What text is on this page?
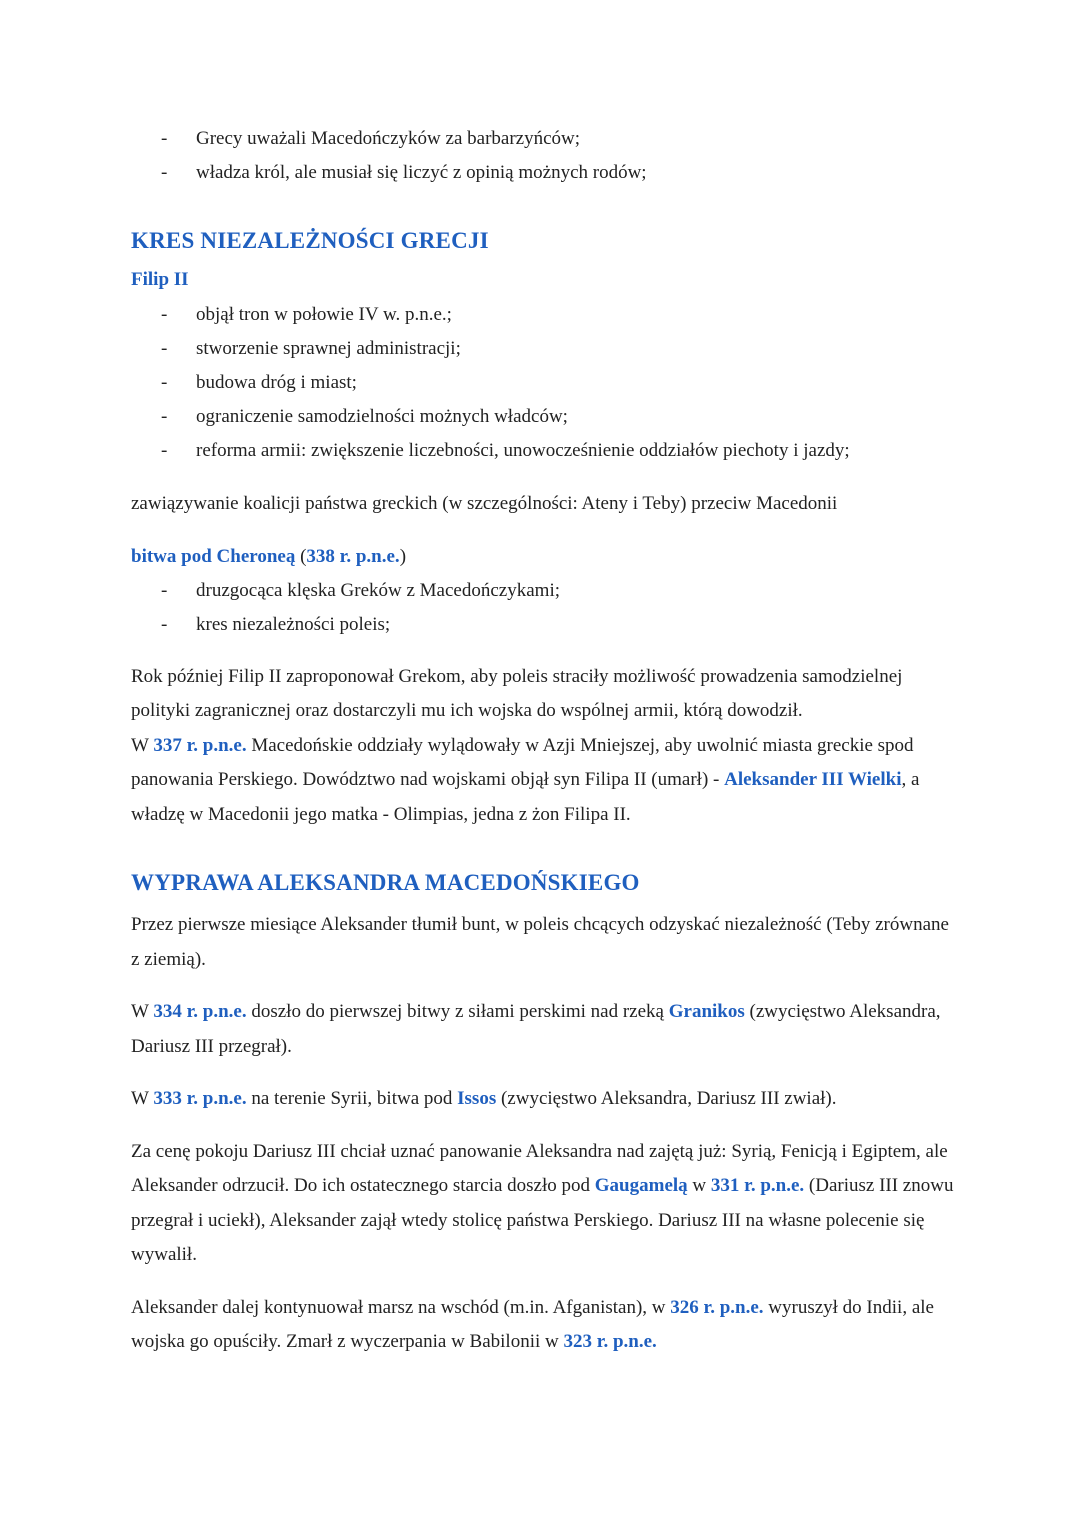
- Grecy uważali Macedończyków za barbarzyńców;
- władza król, ale musiał się liczyć z opinią możnych rodów;
KRES NIEZALEŻNOŚCI GRECJI
Filip II
- objął tron w połowie IV w. p.n.e.;
- stworzenie sprawnej administracji;
- budowa dróg i miast;
- ograniczenie samodzielności możnych władców;
- reforma armii: zwiększenie liczebności, unowocześnienie oddziałów piechoty i jazdy;

zawiązywanie koalicji państwa greckich (w szczególności: Ateny i Teby) przeciw Macedonii

bitwa pod Cheroneą (338 r. p.n.e.)
- druzgocąca klęska Greków z Macedończykami;
- kres niezależności poleis;

Rok później Filip II zaproponował Grekom, aby poleis straciły możliwość prowadzenia samodzielnej polityki zagranicznej oraz dostarczyli mu ich wojska do wspólnej armii, którą dowodził.
W 337 r. p.n.e. Macedońskie oddziały wylądowały w Azji Mniejszej, aby uwolnić miasta greckie spod panowania Perskiego. Dowództwo nad wojskami objął syn Filipa II (umarł) - Aleksander III Wielki, a władzę w Macedonii jego matka - Olimpias, jedna z żon Filipa II.

WYPRAWA ALEKSANDRA MACEDOŃSKIEGO

Przez pierwsze miesiące Aleksander tłumił bunt, w poleis chcących odzyskać niezależność (Teby zrównane z ziemią).

W 334 r. p.n.e. doszło do pierwszej bitwy z siłami perskimi nad rzeką Granikos (zwycięstwo Aleksandra, Dariusz III przegrał).

W 333 r. p.n.e. na terenie Syrii, bitwa pod Issos (zwycięstwo Aleksandra, Dariusz III zwiał).

Za cenę pokoju Dariusz III chciał uznać panowanie Aleksandra nad zajętą już: Syrią, Fenicją i Egiptem, ale Aleksander odrzucił. Do ich ostatecznego starcia doszło pod Gaugamelą w 331 r. p.n.e. (Dariusz III znowu przegrał i uciekł), Aleksander zajął wtedy stolicę państwa Perskiego. Dariusz III na własne polecenie się wywalił.

Aleksander dalej kontynuował marsz na wschód (m.in. Afganistan), w 326 r. p.n.e. wyruszył do Indii, ale wojska go opuściły. Zmarł z wyczerpania w Babilonii w 323 r. p.n.e.
